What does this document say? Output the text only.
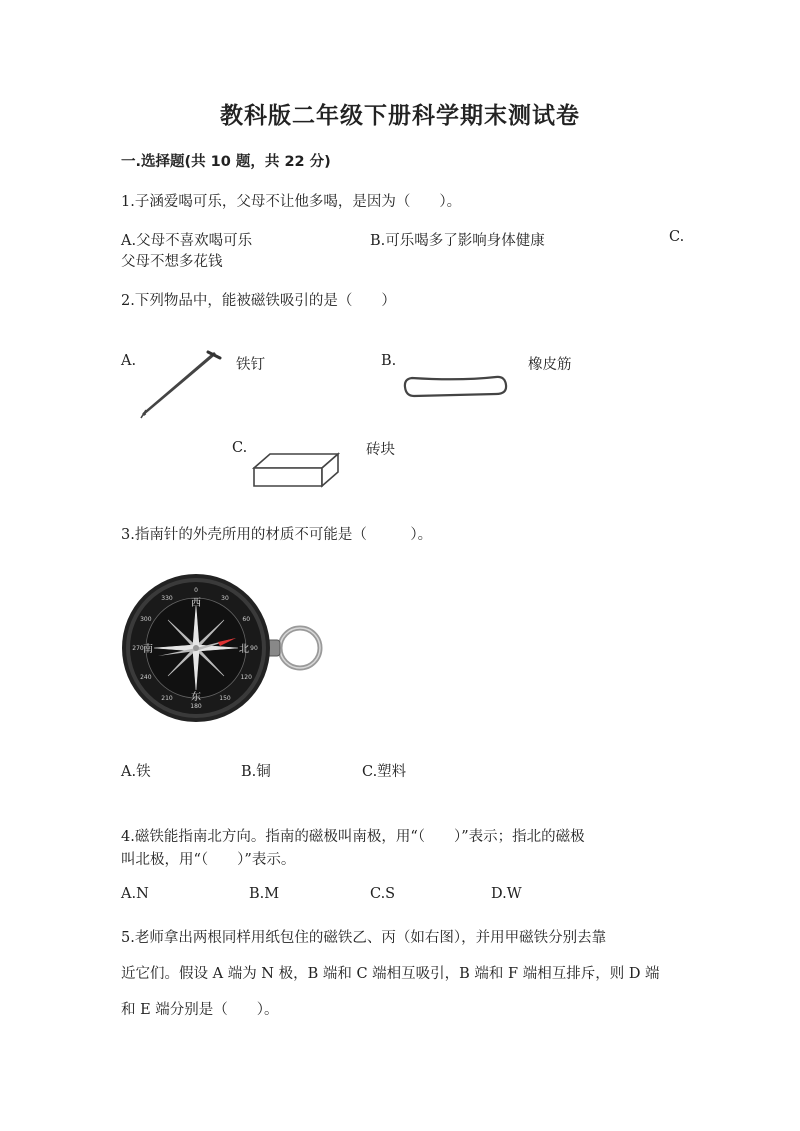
教科版二年级下册科学期末测试卷
一.选择题(共 10 题，共 22 分)
1.子涵爱喝可乐，父母不让他多喝，是因为（　　）。
A.父母不喜欢喝可乐	B.可乐喝多了影响身体健康	C.
父母不想多花钱
2.下列物品中，能被磁铁吸引的是（　　）
A.	铁钉	B.	橡皮筋
C.	砖块
3.指南针的外壳所用的材质不可能是（　　　）。
0
30
60
90
120
150
180
210
240
270
300
330 西
东
南	北
A.铁	B.铜	C.塑料
4.磁铁能指南北方向。指南的磁极叫南极，用“（　　）”表示；指北的磁极
叫北极，用“（　　）”表示。
A.N	B.M	C.S	D.W
5.老师拿出两根同样用纸包住的磁铁乙、丙（如右图），并用甲磁铁分别去靠
近它们。假设 A 端为 N 极，B 端和 C 端相互吸引，B 端和 F 端相互排斥，则 D 端
和 E 端分别是（　　）。
